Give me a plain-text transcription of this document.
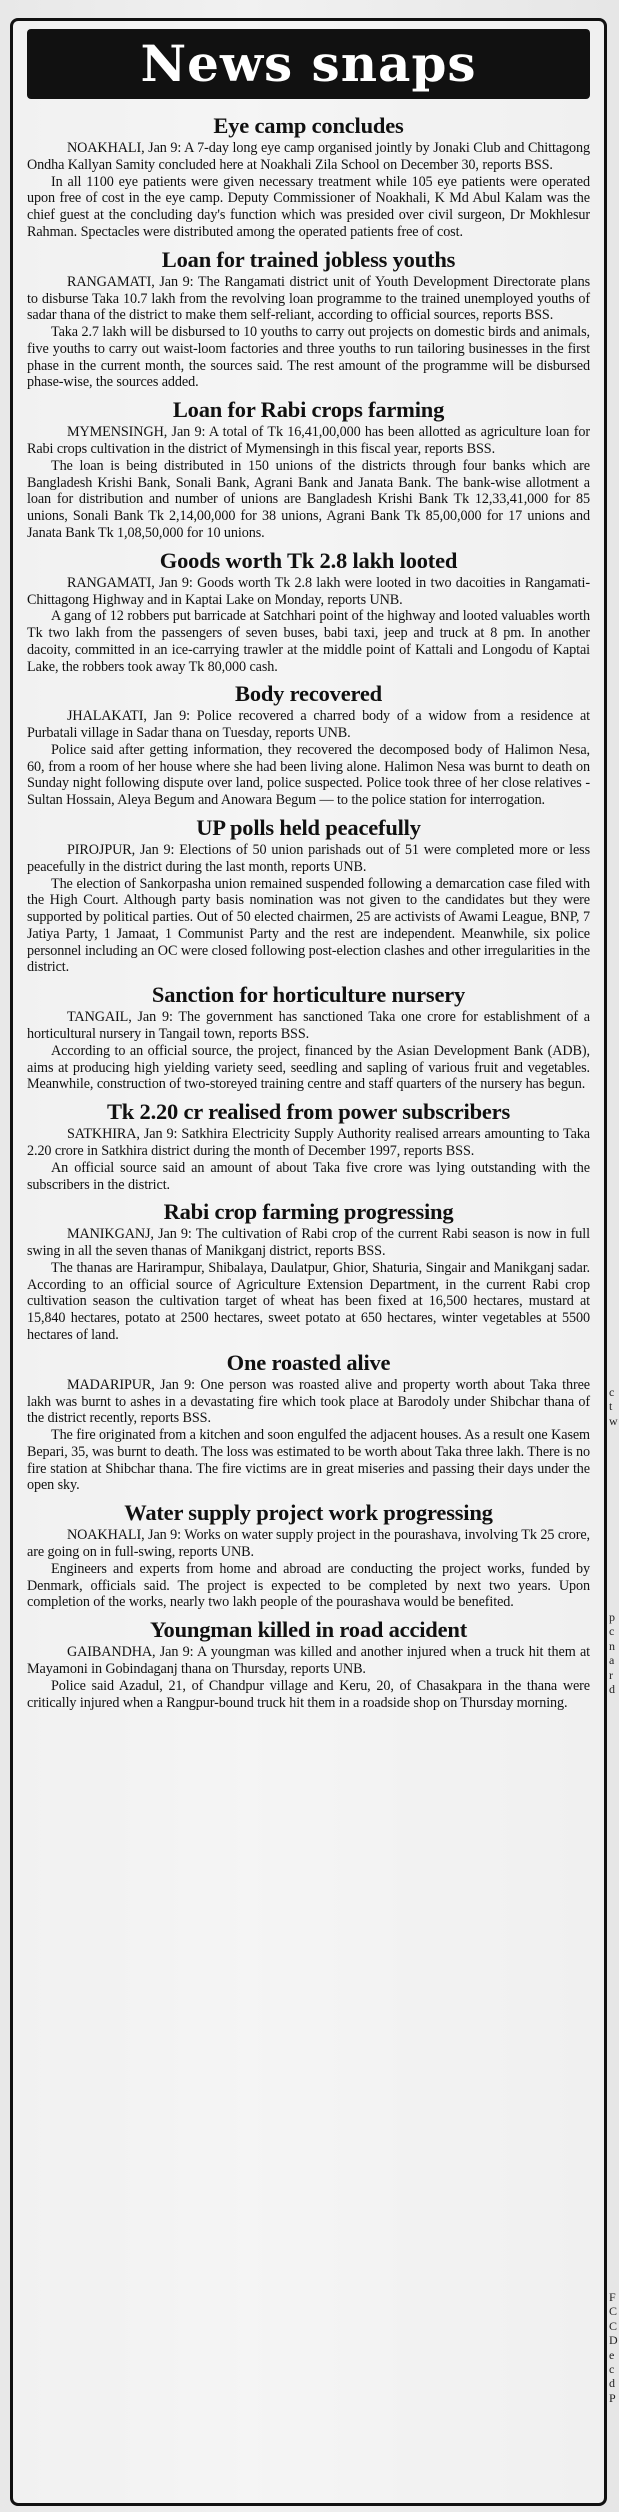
News snaps
Eye camp concludes

NOAKHALI, Jan 9: A 7-day long eye camp organised jointly by Jonaki Club and Chittagong Ondha Kallyan Samity concluded here at Noakhali Zila School on December 30, reports BSS.

In all 1100 eye patients were given necessary treatment while 105 eye patients were operated upon free of cost in the eye camp. Deputy Commissioner of Noakhali, K Md Abul Kalam was the chief guest at the concluding day's function which was presided over civil surgeon, Dr Mokhlesur Rahman. Spectacles were distributed among the operated patients free of cost.

Loan for trained jobless youths

RANGAMATI, Jan 9: The Rangamati district unit of Youth Development Directorate plans to disburse Taka 10.7 lakh from the revolving loan programme to the trained unemployed youths of sadar thana of the district to make them self-reliant, according to official sources, reports BSS.

Taka 2.7 lakh will be disbursed to 10 youths to carry out projects on domestic birds and animals, five youths to carry out waist-loom factories and three youths to run tailoring businesses in the first phase in the current month, the sources said. The rest amount of the programme will be disbursed phase-wise, the sources added.

Loan for Rabi crops farming

MYMENSINGH, Jan 9: A total of Tk 16,41,00,000 has been allotted as agriculture loan for Rabi crops cultivation in the district of Mymensingh in this fiscal year, reports BSS.

The loan is being distributed in 150 unions of the districts through four banks which are Bangladesh Krishi Bank, Sonali Bank, Agrani Bank and Janata Bank. The bank-wise allotment a loan for distribution and number of unions are Bangladesh Krishi Bank Tk 12,33,41,000 for 85 unions, Sonali Bank Tk 2,14,00,000 for 38 unions, Agrani Bank Tk 85,00,000 for 17 unions and Janata Bank Tk 1,08,50,000 for 10 unions.

Goods worth Tk 2.8 lakh looted

RANGAMATI, Jan 9: Goods worth Tk 2.8 lakh were looted in two dacoities in Rangamati-Chittagong Highway and in Kaptai Lake on Monday, reports UNB.

A gang of 12 robbers put barricade at Satchhari point of the highway and looted valuables worth Tk two lakh from the passengers of seven buses, babi taxi, jeep and truck at 8 pm. In another dacoity, committed in an ice-carrying trawler at the middle point of Kattali and Longodu of Kaptai Lake, the robbers took away Tk 80,000 cash.

Body recovered

JHALAKATI, Jan 9: Police recovered a charred body of a widow from a residence at Purbatali village in Sadar thana on Tuesday, reports UNB.

Police said after getting information, they recovered the decomposed body of Halimon Nesa, 60, from a room of her house where she had been living alone. Halimon Nesa was burnt to death on Sunday night following dispute over land, police suspected. Police took three of her close relatives - Sultan Hossain, Aleya Begum and Anowara Begum — to the police station for interrogation.

UP polls held peacefully

PIROJPUR, Jan 9: Elections of 50 union parishads out of 51 were completed more or less peacefully in the district during the last month, reports UNB.

The election of Sankorpasha union remained suspended following a demarcation case filed with the High Court. Although party basis nomination was not given to the candidates but they were supported by political parties. Out of 50 elected chairmen, 25 are activists of Awami League, BNP, 7 Jatiya Party, 1 Jamaat, 1 Communist Party and the rest are independent. Meanwhile, six police personnel including an OC were closed following post-election clashes and other irregularities in the district.

Sanction for horticulture nursery

TANGAIL, Jan 9: The government has sanctioned Taka one crore for establishment of a horticultural nursery in Tangail town, reports BSS.

According to an official source, the project, financed by the Asian Development Bank (ADB), aims at producing high yielding variety seed, seedling and sapling of various fruit and vegetables. Meanwhile, construction of two-storeyed training centre and staff quarters of the nursery has begun.

Tk 2.20 cr realised from power subscribers

SATKHIRA, Jan 9: Satkhira Electricity Supply Authority realised arrears amounting to Taka 2.20 crore in Satkhira district during the month of December 1997, reports BSS.

An official source said an amount of about Taka five crore was lying outstanding with the subscribers in the district.

Rabi crop farming progressing

MANIKGANJ, Jan 9: The cultivation of Rabi crop of the current Rabi season is now in full swing in all the seven thanas of Manikganj district, reports BSS.

The thanas are Harirampur, Shibalaya, Daulatpur, Ghior, Shaturia, Singair and Manikganj sadar. According to an official source of Agriculture Extension Department, in the current Rabi crop cultivation season the cultivation target of wheat has been fixed at 16,500 hectares, mustard at 15,840 hectares, potato at 2500 hectares, sweet potato at 650 hectares, winter vegetables at 5500 hectares of land.

One roasted alive

MADARIPUR, Jan 9: One person was roasted alive and property worth about Taka three lakh was burnt to ashes in a devastating fire which took place at Barodoly under Shibchar thana of the district recently, reports BSS.

The fire originated from a kitchen and soon engulfed the adjacent houses. As a result one Kasem Bepari, 35, was burnt to death. The loss was estimated to be worth about Taka three lakh. There is no fire station at Shibchar thana. The fire victims are in great miseries and passing their days under the open sky.

Water supply project work progressing

NOAKHALI, Jan 9: Works on water supply project in the pourashava, involving Tk 25 crore, are going on in full-swing, reports UNB.

Engineers and experts from home and abroad are conducting the project works, funded by Denmark, officials said. The project is expected to be completed by next two years. Upon completion of the works, nearly two lakh people of the pourashava would be benefited.

Youngman killed in road accident

GAIBANDHA, Jan 9: A youngman was killed and another injured when a truck hit them at Mayamoni in Gobindaganj thana on Thursday, reports UNB.

Police said Azadul, 21, of Chandpur village and Keru, 20, of Chasakpara in the thana were critically injured when a Rangpur-bound truck hit them in a roadside shop on Thursday morning.

c
t
w
p
c
n
a
r
d
F
C
C
D
e
c
d
P
